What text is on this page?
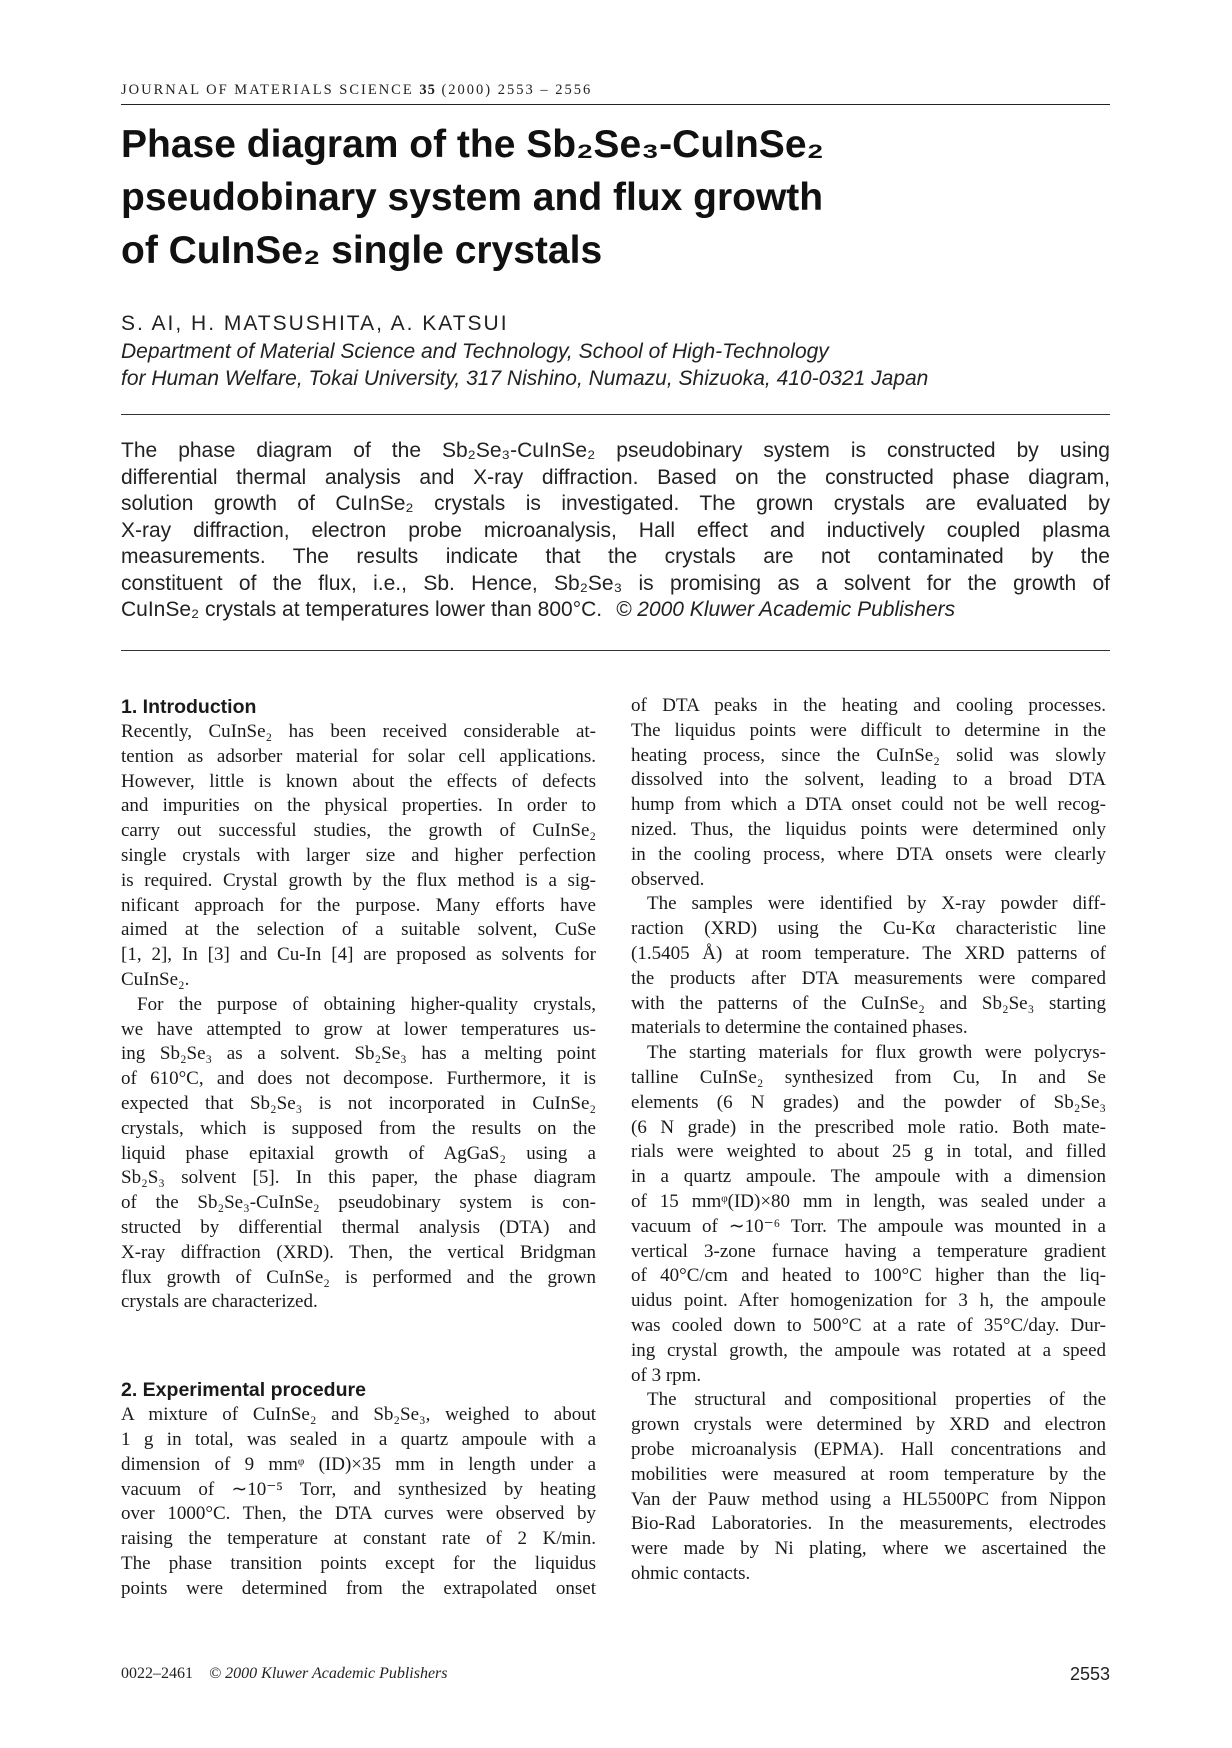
JOURNAL OF MATERIALS SCIENCE 35 (2000) 2553 – 2556
Phase diagram of the Sb₂Se₃-CuInSe₂
pseudobinary system and flux growth
of CuInSe₂ single crystals
S. AI, H. MATSUSHITA, A. KATSUI
Department of Material Science and Technology, School of High-Technology
for Human Welfare, Tokai University, 317 Nishino, Numazu, Shizuoka, 410-0321 Japan
The phase diagram of the Sb₂Se₃-CuInSe₂ pseudobinary system is constructed by using
differential thermal analysis and X-ray diffraction. Based on the constructed phase diagram,
solution growth of CuInSe₂ crystals is investigated. The grown crystals are evaluated by
X-ray diffraction, electron probe microanalysis, Hall effect and inductively coupled plasma
measurements. The results indicate that the crystals are not contaminated by the
constituent of the flux, i.e., Sb. Hence, Sb₂Se₃ is promising as a solvent for the growth of
CuInSe₂ crystals at temperatures lower than 800°C. © 2000 Kluwer Academic Publishers
1. Introduction

Recently, CuInSe₂ has been received considerable at-
tention as adsorber material for solar cell applications.
However, little is known about the effects of defects
and impurities on the physical properties. In order to
carry out successful studies, the growth of CuInSe₂
single crystals with larger size and higher perfection
is required. Crystal growth by the flux method is a sig-
nificant approach for the purpose. Many efforts have
aimed at the selection of a suitable solvent, CuSe
[1, 2], In [3] and Cu-In [4] are proposed as solvents for
CuInSe₂.

For the purpose of obtaining higher-quality crystals,
we have attempted to grow at lower temperatures us-
ing Sb₂Se₃ as a solvent. Sb₂Se₃ has a melting point
of 610°C, and does not decompose. Furthermore, it is
expected that Sb₂Se₃ is not incorporated in CuInSe₂
crystals, which is supposed from the results on the
liquid phase epitaxial growth of AgGaS₂ using a
Sb₂S₃ solvent [5]. In this paper, the phase diagram
of the Sb₂Se₃-CuInSe₂ pseudobinary system is con-
structed by differential thermal analysis (DTA) and
X-ray diffraction (XRD). Then, the vertical Bridgman
flux growth of CuInSe₂ is performed and the grown
crystals are characterized.

2. Experimental procedure

A mixture of CuInSe₂ and Sb₂Se₃, weighed to about
1 g in total, was sealed in a quartz ampoule with a
dimension of 9 mmᵠ (ID)×35 mm in length under a
vacuum of ∼10⁻⁵ Torr, and synthesized by heating
over 1000°C. Then, the DTA curves were observed by
raising the temperature at constant rate of 2 K/min.
The phase transition points except for the liquidus
points were determined from the extrapolated onset

of DTA peaks in the heating and cooling processes.
The liquidus points were difficult to determine in the
heating process, since the CuInSe₂ solid was slowly
dissolved into the solvent, leading to a broad DTA
hump from which a DTA onset could not be well recog-
nized. Thus, the liquidus points were determined only
in the cooling process, where DTA onsets were clearly
observed.

The samples were identified by X-ray powder diff-
raction (XRD) using the Cu-Kα characteristic line
(1.5405 Å) at room temperature. The XRD patterns of
the products after DTA measurements were compared
with the patterns of the CuInSe₂ and Sb₂Se₃ starting
materials to determine the contained phases.

The starting materials for flux growth were polycrys-
talline CuInSe₂ synthesized from Cu, In and Se
elements (6 N grades) and the powder of Sb₂Se₃
(6 N grade) in the prescribed mole ratio. Both mate-
rials were weighted to about 25 g in total, and filled
in a quartz ampoule. The ampoule with a dimension
of 15 mmᵠ(ID)×80 mm in length, was sealed under a
vacuum of ∼10⁻⁶ Torr. The ampoule was mounted in a
vertical 3-zone furnace having a temperature gradient
of 40°C/cm and heated to 100°C higher than the liq-
uidus point. After homogenization for 3 h, the ampoule
was cooled down to 500°C at a rate of 35°C/day. Dur-
ing crystal growth, the ampoule was rotated at a speed
of 3 rpm.

The structural and compositional properties of the
grown crystals were determined by XRD and electron
probe microanalysis (EPMA). Hall concentrations and
mobilities were measured at room temperature by the
Van der Pauw method using a HL5500PC from Nippon
Bio-Rad Laboratories. In the measurements, electrodes
were made by Ni plating, where we ascertained the
ohmic contacts.

0022–2461 © 2000 Kluwer Academic Publishers	2553
